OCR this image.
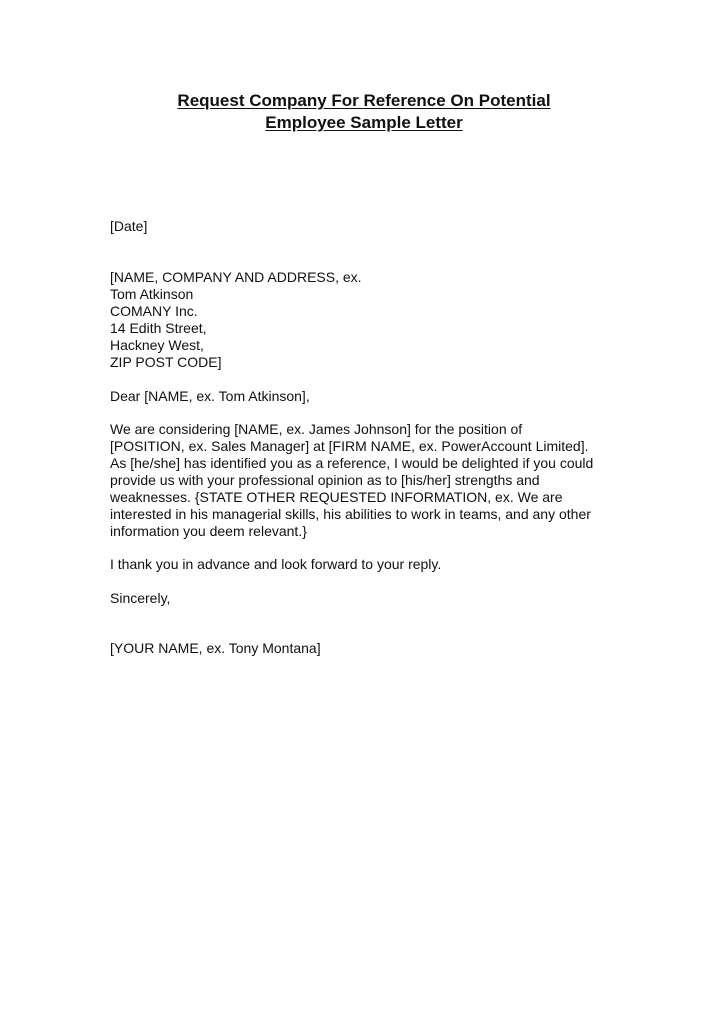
Request Company For Reference On Potential
Employee Sample Letter
[Date]
[NAME, COMPANY AND ADDRESS, ex.
Tom Atkinson
COMANY Inc.
14 Edith Street,
Hackney West,
ZIP POST CODE]
Dear [NAME, ex. Tom Atkinson],
We are considering [NAME, ex. James Johnson] for the position of
[POSITION, ex. Sales Manager] at [FIRM NAME, ex. PowerAccount Limited].
As [he/she] has identified you as a reference, I would be delighted if you could
provide us with your professional opinion as to [his/her] strengths and
weaknesses. {STATE OTHER REQUESTED INFORMATION, ex. We are
interested in his managerial skills, his abilities to work in teams, and any other
information you deem relevant.}
I thank you in advance and look forward to your reply.
Sincerely,
[YOUR NAME, ex. Tony Montana]
